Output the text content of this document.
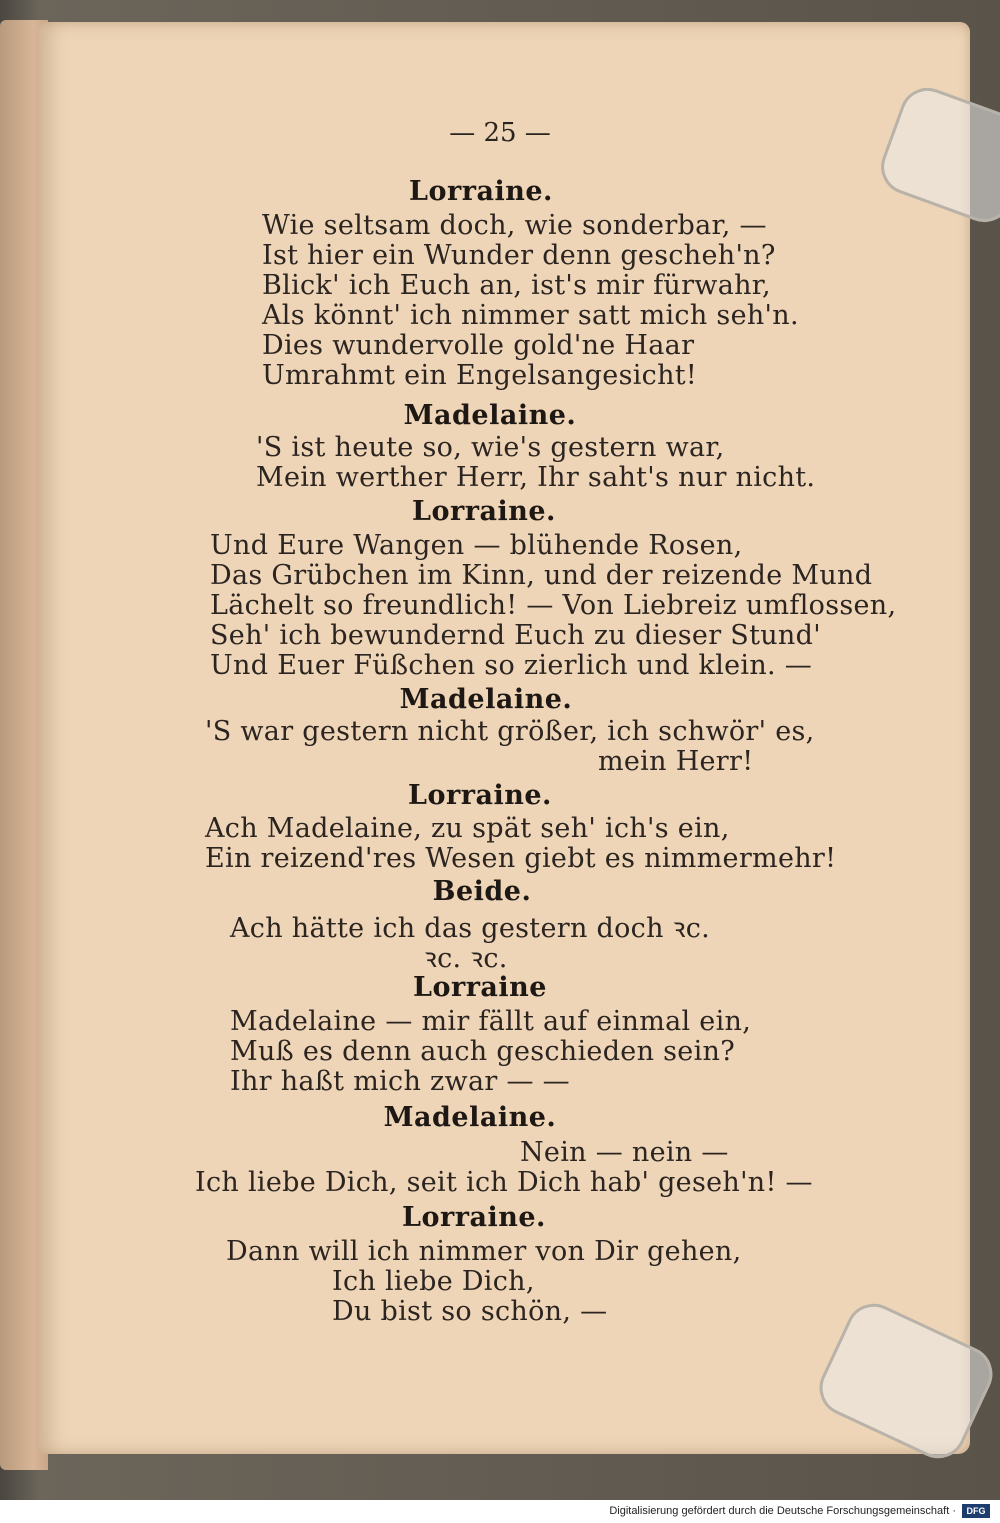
— 25 —
Lorraine.
Wie seltsam doch, wie sonderbar, —
Ist hier ein Wunder denn gescheh'n?
Blick' ich Euch an, ist's mir fürwahr,
Als könnt' ich nimmer satt mich seh'n.
Dies wundervolle gold'ne Haar
Umrahmt ein Engelsangesicht!
Madelaine.
'S ist heute so, wie's gestern war,
Mein werther Herr, Ihr saht's nur nicht.
Lorraine.
Und Eure Wangen — blühende Rosen,
Das Grübchen im Kinn, und der reizende Mund
Lächelt so freundlich! — Von Liebreiz umflossen,
Seh' ich bewundernd Euch zu dieser Stund'
Und Euer Füßchen so zierlich und klein. —
Madelaine.
'S war gestern nicht größer, ich schwör' es,
mein Herr!
Lorraine.
Ach Madelaine, zu spät seh' ich's ein,
Ein reizend'res Wesen giebt es nimmermehr!
Beide.
Ach hätte ich das gestern doch ꝛc.
ꝛc. ꝛc.
Lorraine
Madelaine — mir fällt auf einmal ein,
Muß es denn auch geschieden sein?
Ihr haßt mich zwar — —
Madelaine.
Nein — nein —
Ich liebe Dich, seit ich Dich hab' geseh'n! —
Lorraine.
Dann will ich nimmer von Dir gehen,
Ich liebe Dich,
Du bist so schön, —
Digitalisierung gefördert durch die Deutsche Forschungsgemeinschaft ·	DFG
